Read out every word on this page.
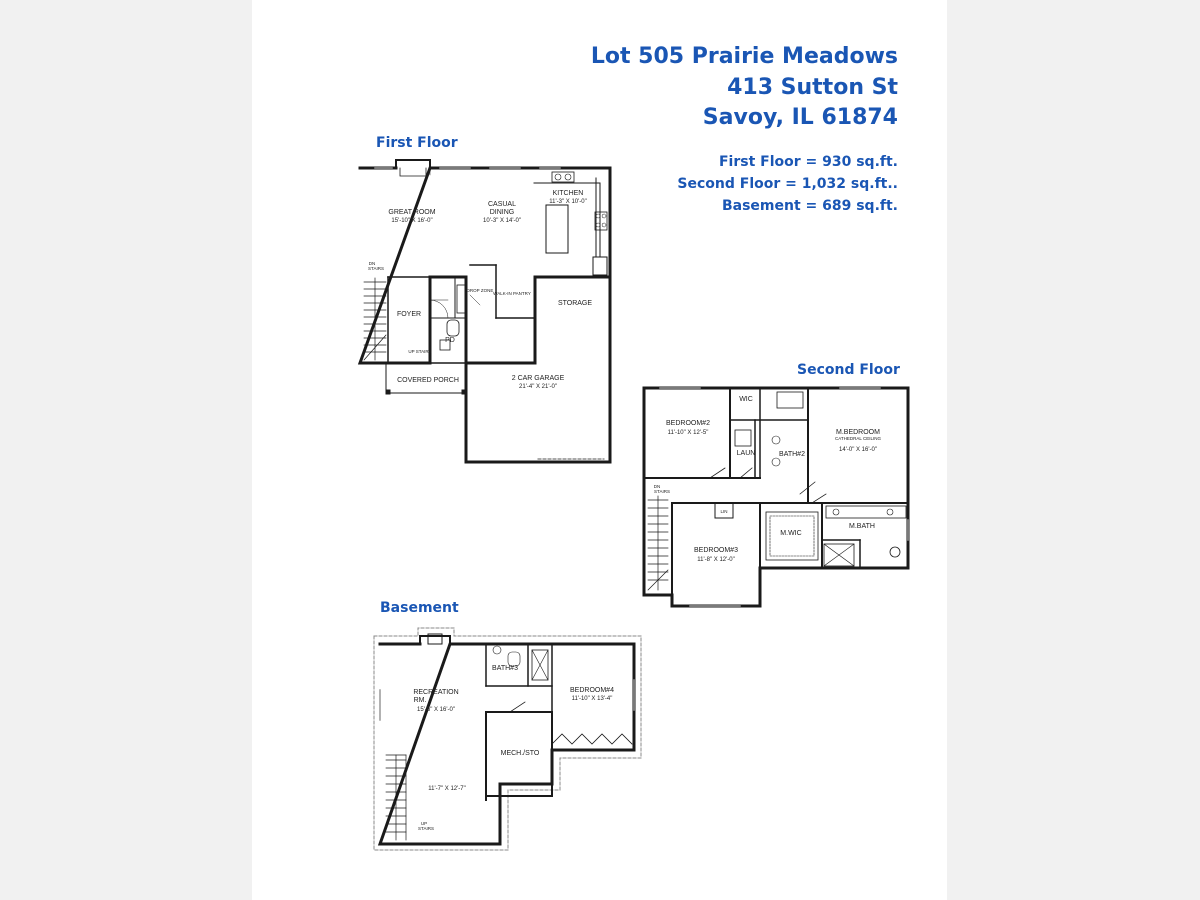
Lot 505 Prairie Meadows
413 Sutton St
Savoy, IL 61874
First Floor = 930 sq.ft.
Second Floor = 1,032 sq.ft..
Basement = 689 sq.ft.
First Floor
Second Floor
Basement
GREAT ROOM
15'-10" X 16'-0"
CASUAL
DINING
10'-3" X 14'-0"
KITCHEN
11'-3" X 10'-0"
DN
STAIRS
FOYER
UP STAIRS
PD
DROP ZONE
WALK-IN PANTRY
STORAGE
2 CAR GARAGE
21'-4" X 21'-0"
COVERED PORCH
BEDROOM#2
11'-10" X 12'-5"
WIC
LAUN	BATH#2
M.BEDROOM
CATHEDRAL CEILING
14'-0" X 16'-0"
DN
STAIRS
LIN
BEDROOM#3
11'-8" X 12'-0"
M.WIC
M.BATH
RECREATION
RM.
15'-6" X 16'-0"
BATH#3
BEDROOM#4
11'-10" X 13'-4"
MECH./STO
11'-7" X 12'-7"
UP
STAIRS
